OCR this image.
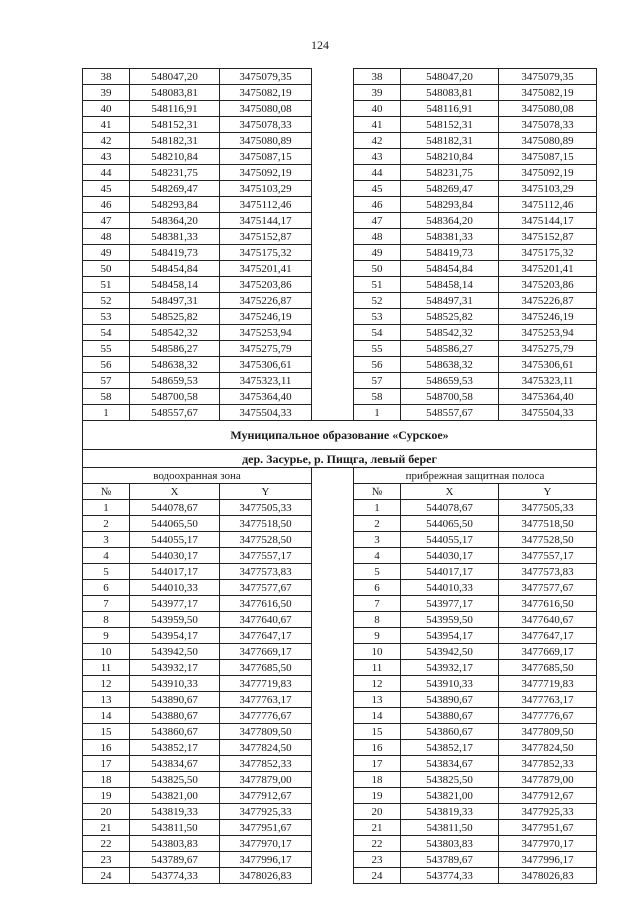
124
38	548047,20	3475079,35		38	548047,20	3475079,35
39	548083,81	3475082,19		39	548083,81	3475082,19
40	548116,91	3475080,08		40	548116,91	3475080,08
41	548152,31	3475078,33		41	548152,31	3475078,33
42	548182,31	3475080,89		42	548182,31	3475080,89
43	548210,84	3475087,15		43	548210,84	3475087,15
44	548231,75	3475092,19		44	548231,75	3475092,19
45	548269,47	3475103,29		45	548269,47	3475103,29
46	548293,84	3475112,46		46	548293,84	3475112,46
47	548364,20	3475144,17		47	548364,20	3475144,17
48	548381,33	3475152,87		48	548381,33	3475152,87
49	548419,73	3475175,32		49	548419,73	3475175,32
50	548454,84	3475201,41		50	548454,84	3475201,41
51	548458,14	3475203,86		51	548458,14	3475203,86
52	548497,31	3475226,87		52	548497,31	3475226,87
53	548525,82	3475246,19		53	548525,82	3475246,19
54	548542,32	3475253,94		54	548542,32	3475253,94
55	548586,27	3475275,79		55	548586,27	3475275,79
56	548638,32	3475306,61		56	548638,32	3475306,61
57	548659,53	3475323,11		57	548659,53	3475323,11
58	548700,58	3475364,40		58	548700,58	3475364,40
1	548557,67	3475504,33		1	548557,67	3475504,33
Муниципальное образование «Сурское»						
дер. Засурье, р. Пищга, левый берег						
водоохранная зона				прибрежная защитная полоса		
№	X	Y		№	X	Y
1	544078,67	3477505,33		1	544078,67	3477505,33
2	544065,50	3477518,50		2	544065,50	3477518,50
3	544055,17	3477528,50		3	544055,17	3477528,50
4	544030,17	3477557,17		4	544030,17	3477557,17
5	544017,17	3477573,83		5	544017,17	3477573,83
6	544010,33	3477577,67		6	544010,33	3477577,67
7	543977,17	3477616,50		7	543977,17	3477616,50
8	543959,50	3477640,67		8	543959,50	3477640,67
9	543954,17	3477647,17		9	543954,17	3477647,17
10	543942,50	3477669,17		10	543942,50	3477669,17
11	543932,17	3477685,50		11	543932,17	3477685,50
12	543910,33	3477719,83		12	543910,33	3477719,83
13	543890,67	3477763,17		13	543890,67	3477763,17
14	543880,67	3477776,67		14	543880,67	3477776,67
15	543860,67	3477809,50		15	543860,67	3477809,50
16	543852,17	3477824,50		16	543852,17	3477824,50
17	543834,67	3477852,33		17	543834,67	3477852,33
18	543825,50	3477879,00		18	543825,50	3477879,00
19	543821,00	3477912,67		19	543821,00	3477912,67
20	543819,33	3477925,33		20	543819,33	3477925,33
21	543811,50	3477951,67		21	543811,50	3477951,67
22	543803,83	3477970,17		22	543803,83	3477970,17
23	543789,67	3477996,17		23	543789,67	3477996,17
24	543774,33	3478026,83		24	543774,33	3478026,83
